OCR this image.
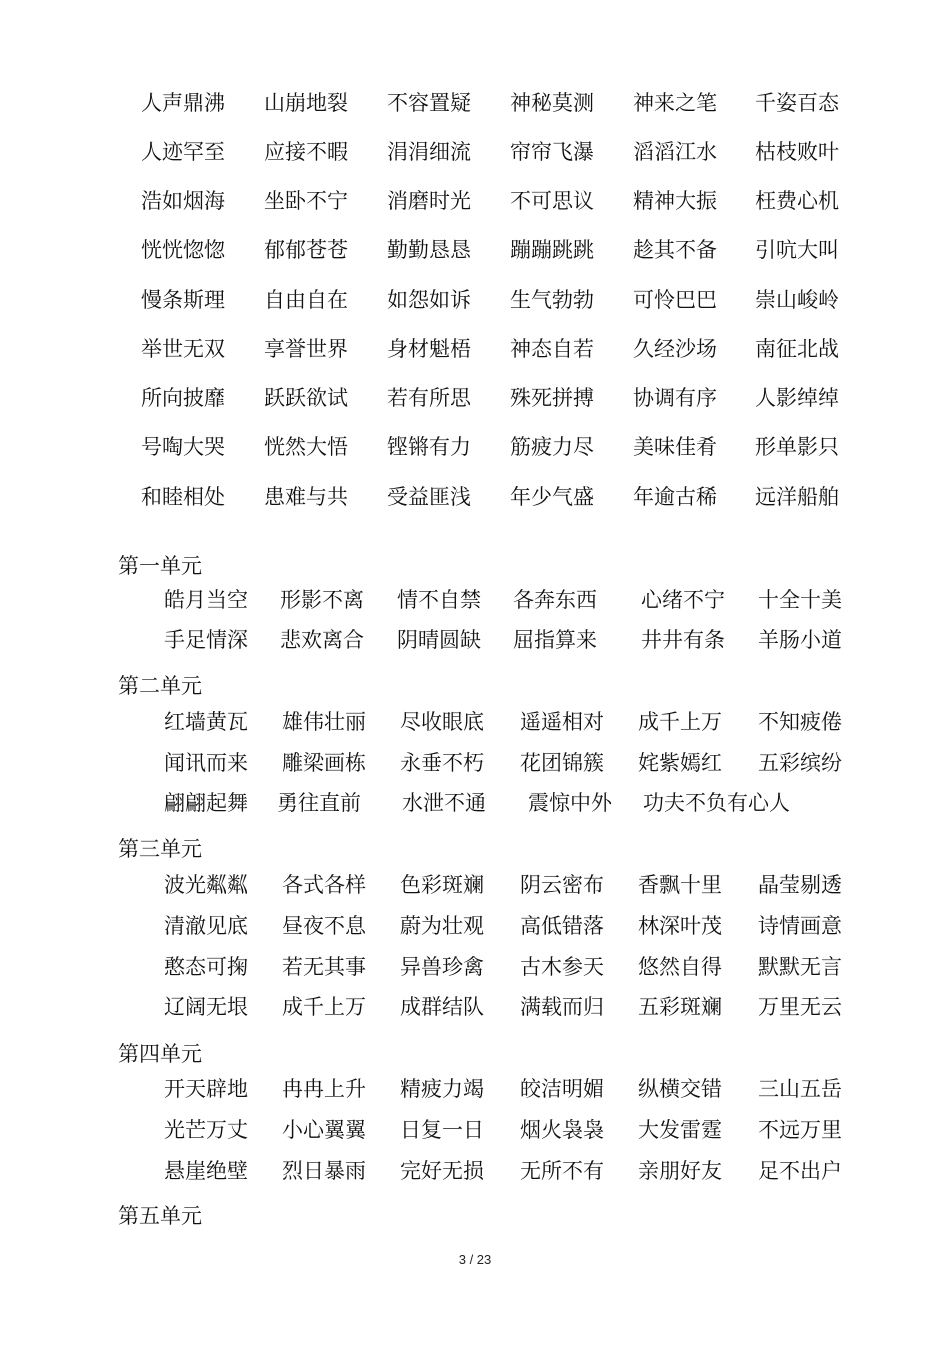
人声鼎沸 山崩地裂 不容置疑 神秘莫测 神来之笔 千姿百态
人迹罕至 应接不暇 涓涓细流 帘帘飞瀑 滔滔江水 枯枝败叶
浩如烟海 坐卧不宁 消磨时光 不可思议 精神大振 枉费心机
恍恍惚惚 郁郁苍苍 勤勤恳恳 蹦蹦跳跳 趁其不备 引吭大叫
慢条斯理 自由自在 如怨如诉 生气勃勃 可怜巴巴 崇山峻岭
举世无双 享誉世界 身材魁梧 神态自若 久经沙场 南征北战
所向披靡 跃跃欲试 若有所思 殊死拼搏 协调有序 人影绰绰
号啕大哭 恍然大悟 铿锵有力 筋疲力尽 美味佳肴 形单影只
和睦相处 患难与共 受益匪浅 年少气盛 年逾古稀 远洋船舶
第一单元
皓月当空 形影不离 情不自禁 各奔东西 心绪不宁 十全十美
手足情深 悲欢离合 阴晴圆缺 屈指算来 井井有条 羊肠小道
第二单元
红墙黄瓦 雄伟壮丽 尽收眼底 遥遥相对 成千上万 不知疲倦
闻讯而来 雕梁画栋 永垂不朽 花团锦簇 姹紫嫣红 五彩缤纷
翩翩起舞 勇往直前 水泄不通 震惊中外 功夫不负有心人
第三单元
波光粼粼 各式各样 色彩斑斓 阴云密布 香飘十里 晶莹剔透
清澈见底 昼夜不息 蔚为壮观 高低错落 林深叶茂 诗情画意
憨态可掬 若无其事 异兽珍禽 古木参天 悠然自得 默默无言
辽阔无垠 成千上万 成群结队 满载而归 五彩斑斓 万里无云
第四单元
开天辟地 冉冉上升 精疲力竭 皎洁明媚 纵横交错 三山五岳
光芒万丈 小心翼翼 日复一日 烟火袅袅 大发雷霆 不远万里
悬崖绝壁 烈日暴雨 完好无损 无所不有 亲朋好友 足不出户
第五单元
3 / 23
